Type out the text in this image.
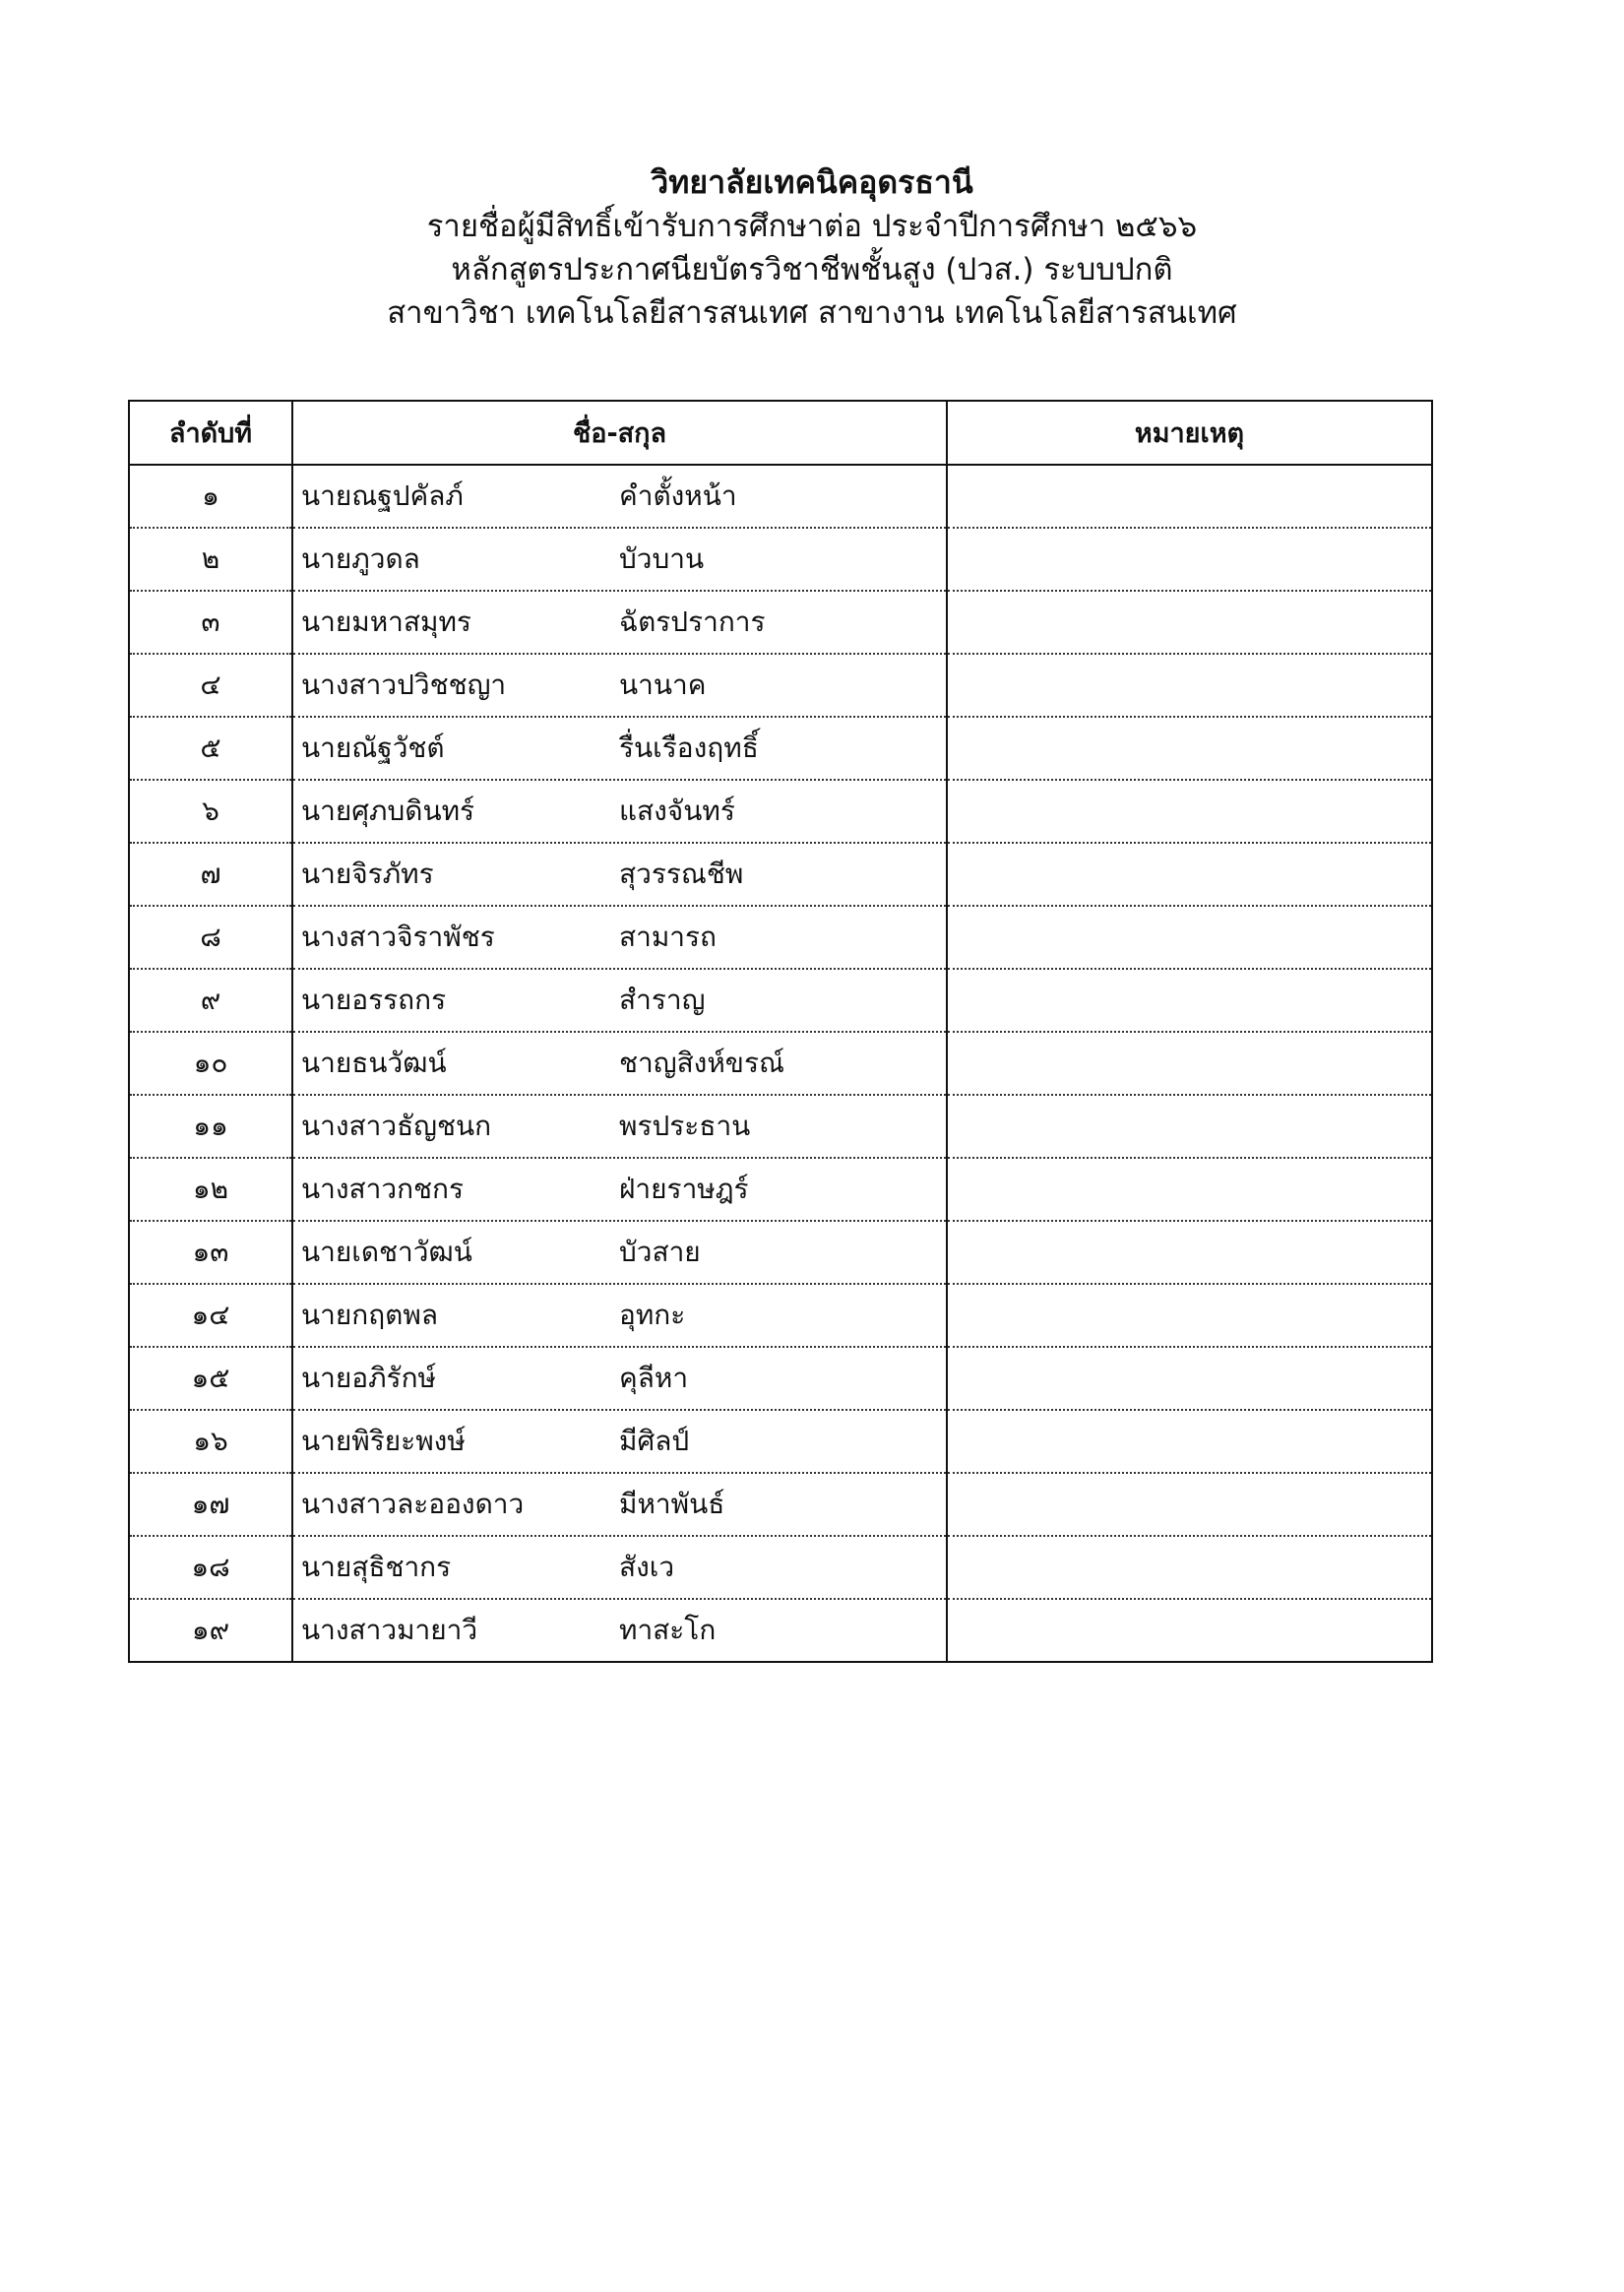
วิทยาลัยเทคนิคอุดรธานี
รายชื่อผู้มีสิทธิ์เข้ารับการศึกษาต่อ ประจำปีการศึกษา ๒๕๖๖
หลักสูตรประกาศนียบัตรวิชาชีพชั้นสูง (ปวส.) ระบบปกติ
สาขาวิชา เทคโนโลยีสารสนเทศ สาขางาน เทคโนโลยีสารสนเทศ
ลำดับที่	ชื่อ-สกุล	หมายเหตุ
๑	นายณฐปคัลภ์ คำตั้งหน้า	
๒	นายภูวดล บัวบาน	
๓	นายมหาสมุทร ฉัตรปราการ	
๔	นางสาวปวิชชญา นานาค	
๕	นายณัฐวัชต์ รื่นเรืองฤทธิ์	
๖	นายศุภบดินทร์ แสงจันทร์	
๗	นายจิรภัทร สุวรรณชีพ	
๘	นางสาวจิราพัชร สามารถ	
๙	นายอรรถกร สำราญ	
๑๐	นายธนวัฒน์ ชาญสิงห์ขรณ์	
๑๑	นางสาวธัญชนก พรประธาน	
๑๒	นางสาวกชกร ฝ่ายราษฎร์	
๑๓	นายเดชาวัฒน์ บัวสาย	
๑๔	นายกฤตพล อุทกะ	
๑๕	นายอภิรักษ์ คุลีหา	
๑๖	นายพิริยะพงษ์ มีศิลป์	
๑๗	นางสาวละอองดาว มีหาพันธ์	
๑๘	นายสุธิชากร สังเว	
๑๙	นางสาวมายาวี ทาสะโก	
